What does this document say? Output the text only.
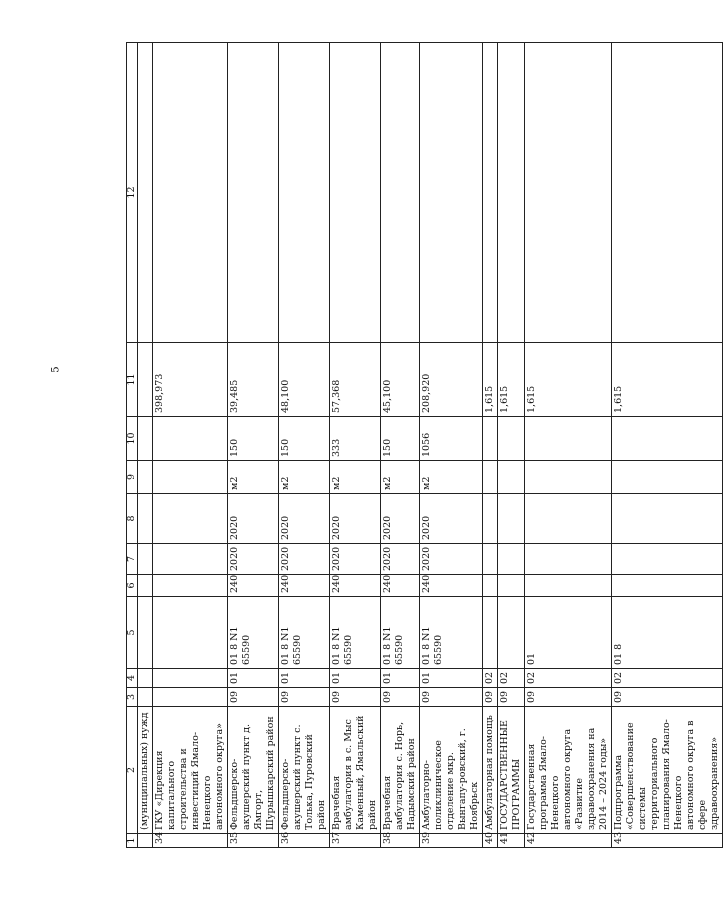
5
1	2	3	4	5	6	7	8	9	10	11	12
	(муниципальных) нужд										
34	ГКУ «Дирекция капитального строительства и инвестиций Ямало-Ненецкого автономного округа»									398,973	
35	Фельдшерско-акушерский пункт д. Ямгорт, Шурышкарский район	09	01	01 8 N1 65590	240	2020	2020	м2	150	39,485	
36	Фельдшерско-акушерский пункт с. Толька, Пуровский район	09	01	01 8 N1 65590	240	2020	2020	м2	150	48,100	
37	Врачебная амбулатория в с. Мыс Каменный, Ямальский район	09	01	01 8 N1 65590	240	2020	2020	м2	333	57,368	
38	Врачебная амбулатория с. Норь, Надымский район	09	01	01 8 N1 65590	240	2020	2020	м2	150	45,100	
39	Амбулаторно-поликлиническое отделение мкр. Вынгапу-ровский, г. Ноябрьск	09	01	01 8 N1 65590	240	2020	2020	м2	1056	208,920	
40	Амбулаторная помощь	09	02							1,615	
41	ГОСУДАРСТВЕННЫЕ ПРОГРАММЫ	09	02							1,615	
42	Государственная программа Ямало-Ненецкого автономного округа «Развитие здравоохранения на 2014 – 2024 годы»	09	02	01						1,615	
43	Подпрограмма «Совершенствование системы территориального планирования Ямало-Ненецкого автономного округа в сфере здравоохранения»	09	02	01 8						1,615	
